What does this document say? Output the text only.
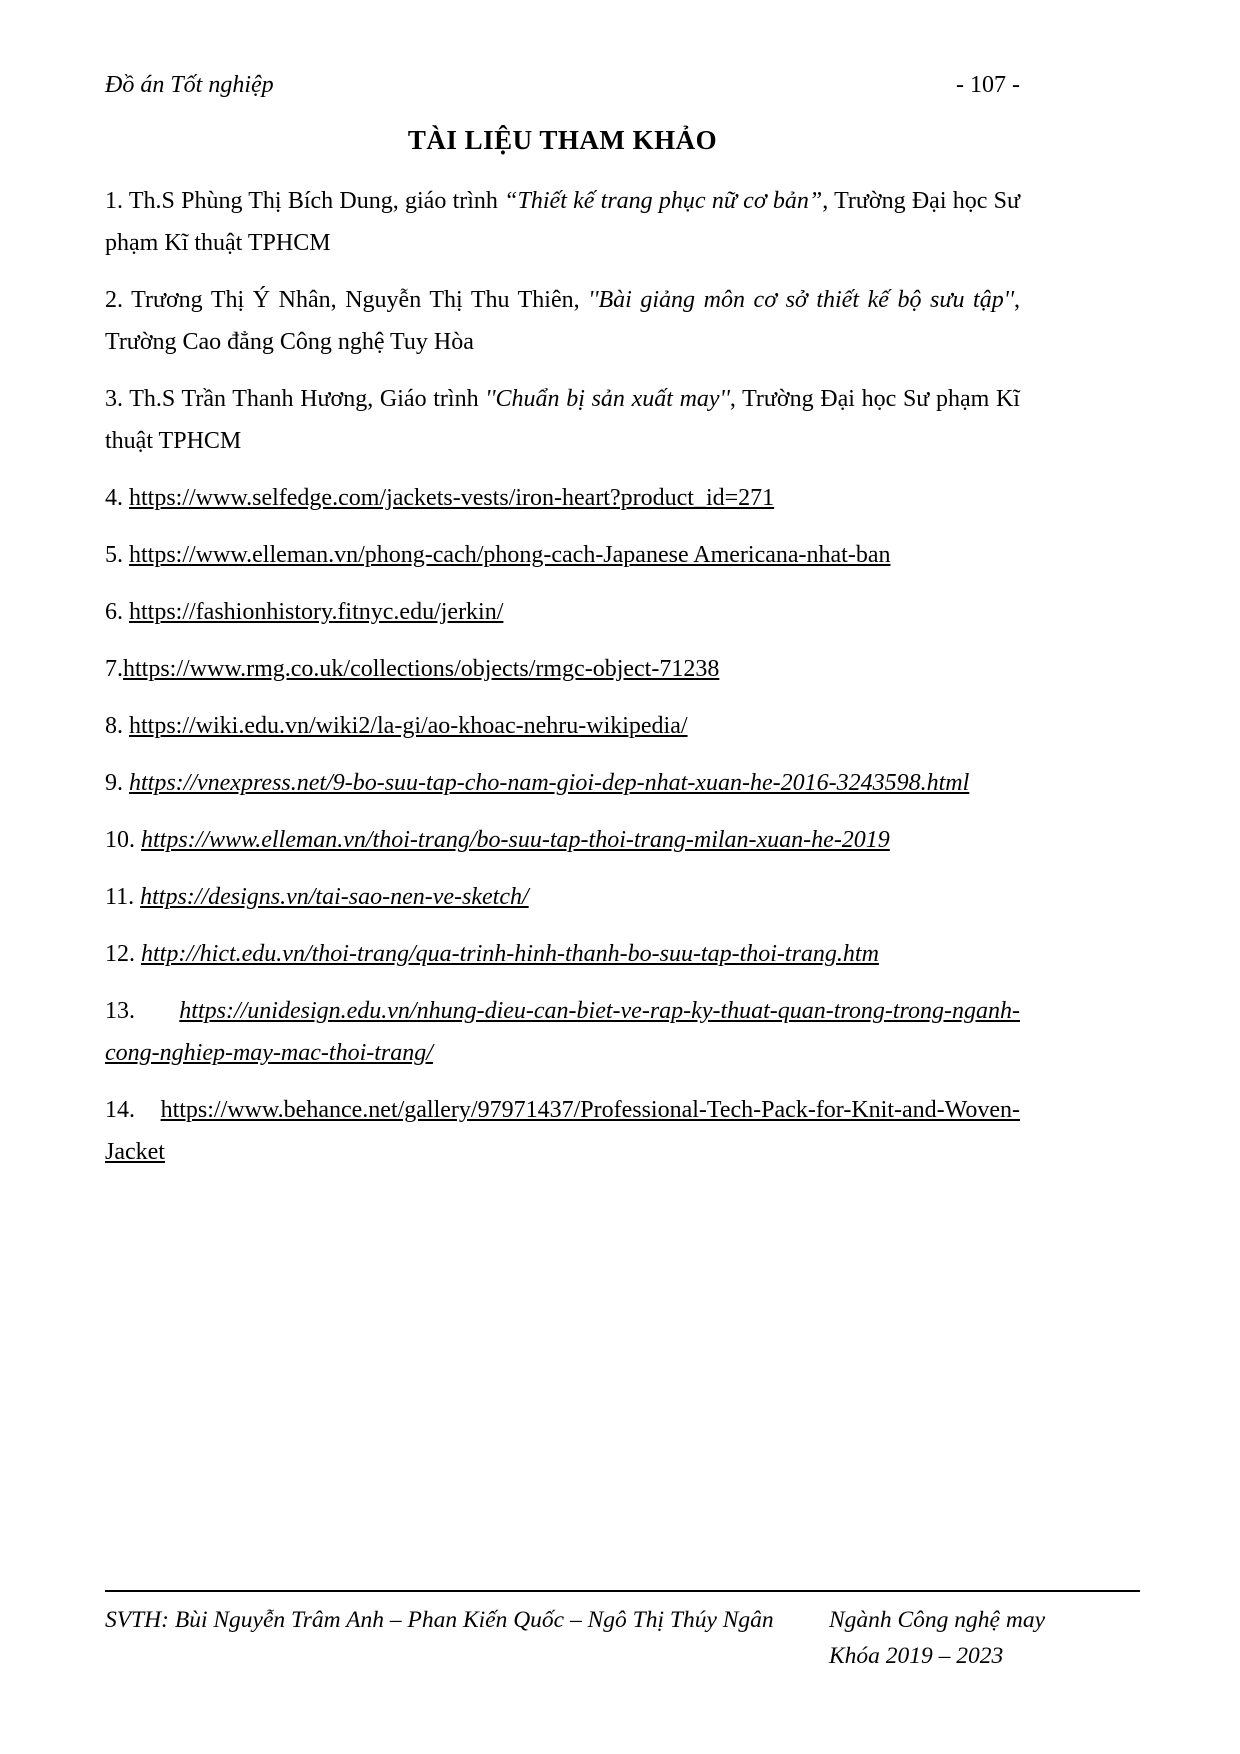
Đồ án Tốt nghiệp	- 107 -
TÀI LIỆU THAM KHẢO

1. Th.S Phùng Thị Bích Dung, giáo trình “Thiết kế trang phục nữ cơ bản”, Trường Đại học Sư phạm Kĩ thuật TPHCM

2. Trương Thị Ý Nhân, Nguyễn Thị Thu Thiên, ''Bài giảng môn cơ sở thiết kế bộ sưu tập'', Trường Cao đẳng Công nghệ Tuy Hòa

3. Th.S Trần Thanh Hương, Giáo trình ''Chuẩn bị sản xuất may'', Trường Đại học Sư phạm Kĩ thuật TPHCM

4. https://www.selfedge.com/jackets-vests/iron-heart?product_id=271

5. https://www.elleman.vn/phong-cach/phong-cach-Japanese Americana-nhat-ban

6. https://fashionhistory.fitnyc.edu/jerkin/

7.https://www.rmg.co.uk/collections/objects/rmgc-object-71238

8. https://wiki.edu.vn/wiki2/la-gi/ao-khoac-nehru-wikipedia/

9. https://vnexpress.net/9-bo-suu-tap-cho-nam-gioi-dep-nhat-xuan-he-2016-3243598.html

10. https://www.elleman.vn/thoi-trang/bo-suu-tap-thoi-trang-milan-xuan-he-2019

11. https://designs.vn/tai-sao-nen-ve-sketch/

12. http://hict.edu.vn/thoi-trang/qua-trinh-hinh-thanh-bo-suu-tap-thoi-trang.htm

13. https://unidesign.edu.vn/nhung-dieu-can-biet-ve-rap-ky-thuat-quan-trong-trong-nganh-cong-nghiep-may-mac-thoi-trang/

14. https://www.behance.net/gallery/97971437/Professional-Tech-Pack-for-Knit-and-Woven-Jacket

SVTH: Bùi Nguyễn Trâm Anh – Phan Kiến Quốc – Ngô Thị Thúy Ngân Ngành Công nghệ may
Khóa 2019 – 2023
